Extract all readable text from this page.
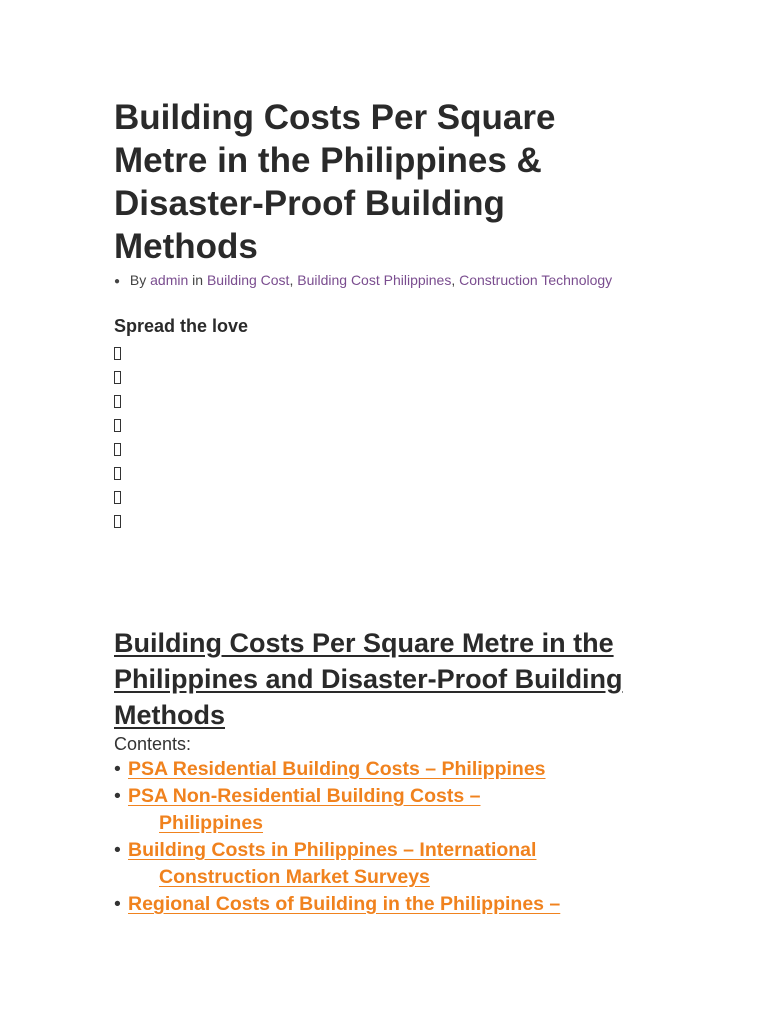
Building Costs Per Square Metre in the Philippines & Disaster-Proof Building Methods
● By admin in Building Cost, Building Cost Philippines, Construction Technology
Spread the love
Building Costs Per Square Metre in the Philippines and Disaster-Proof Building Methods
Contents:
• PSA Residential Building Costs – Philippines
• PSA Non-Residential Building Costs –
Philippines
• Building Costs in Philippines – International
Construction Market Surveys
• Regional Costs of Building in the Philippines –
